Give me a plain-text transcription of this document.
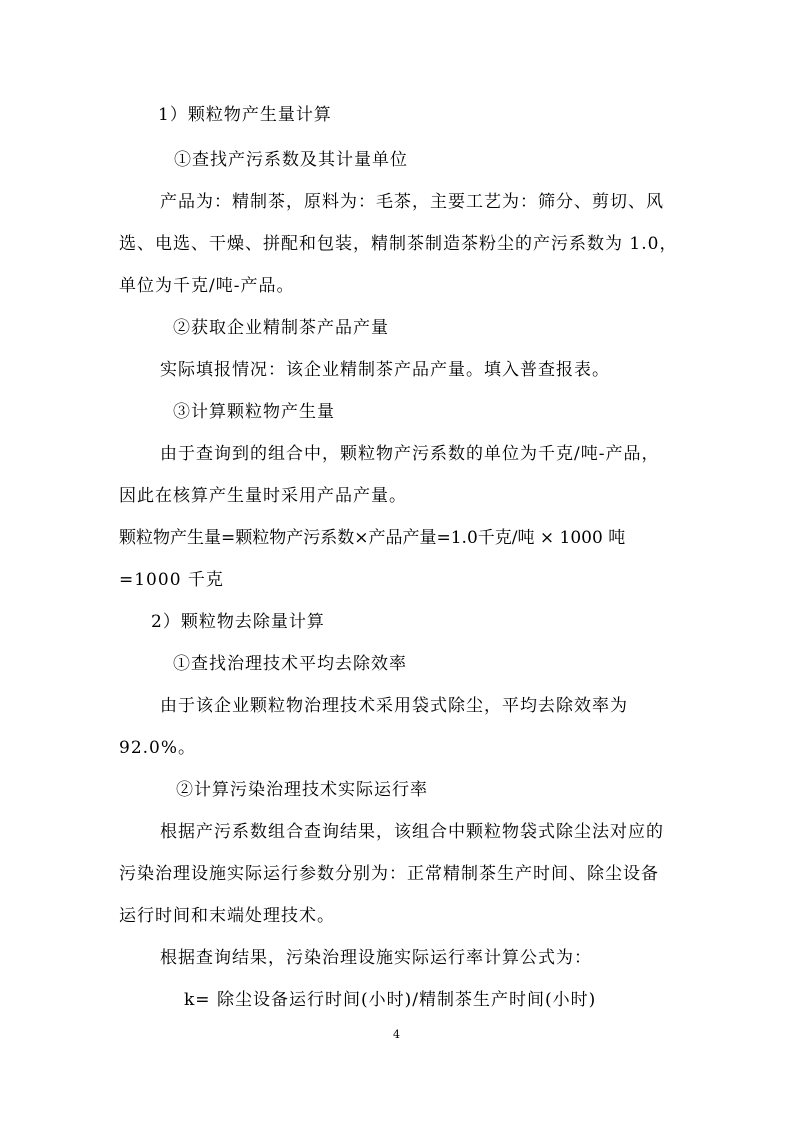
1）颗粒物产生量计算
①查找产污系数及其计量单位
产品为：精制茶，原料为：毛茶，主要工艺为：筛分、剪切、风
选、电选、干燥、拼配和包装，精制茶制造茶粉尘的产污系数为 1.0，
单位为千克/吨-产品。
②获取企业精制茶产品产量
实际填报情况：该企业精制茶产品产量。填入普查报表。
③计算颗粒物产生量
由于查询到的组合中，颗粒物产污系数的单位为千克/吨-产品，
因此在核算产生量时采用产品产量。
颗粒物产生量=颗粒物产污系数×产品产量=1.0千克/吨 × 1000 吨
=1000 千克
2）颗粒物去除量计算
①查找治理技术平均去除效率
由于该企业颗粒物治理技术采用袋式除尘，平均去除效率为
92.0%。
②计算污染治理技术实际运行率
根据产污系数组合查询结果，该组合中颗粒物袋式除尘法对应的
污染治理设施实际运行参数分别为：正常精制茶生产时间、除尘设备
运行时间和末端处理技术。
根据查询结果，污染治理设施实际运行率计算公式为：
k= 除尘设备运行时间(小时)/精制茶生产时间(小时)
4
